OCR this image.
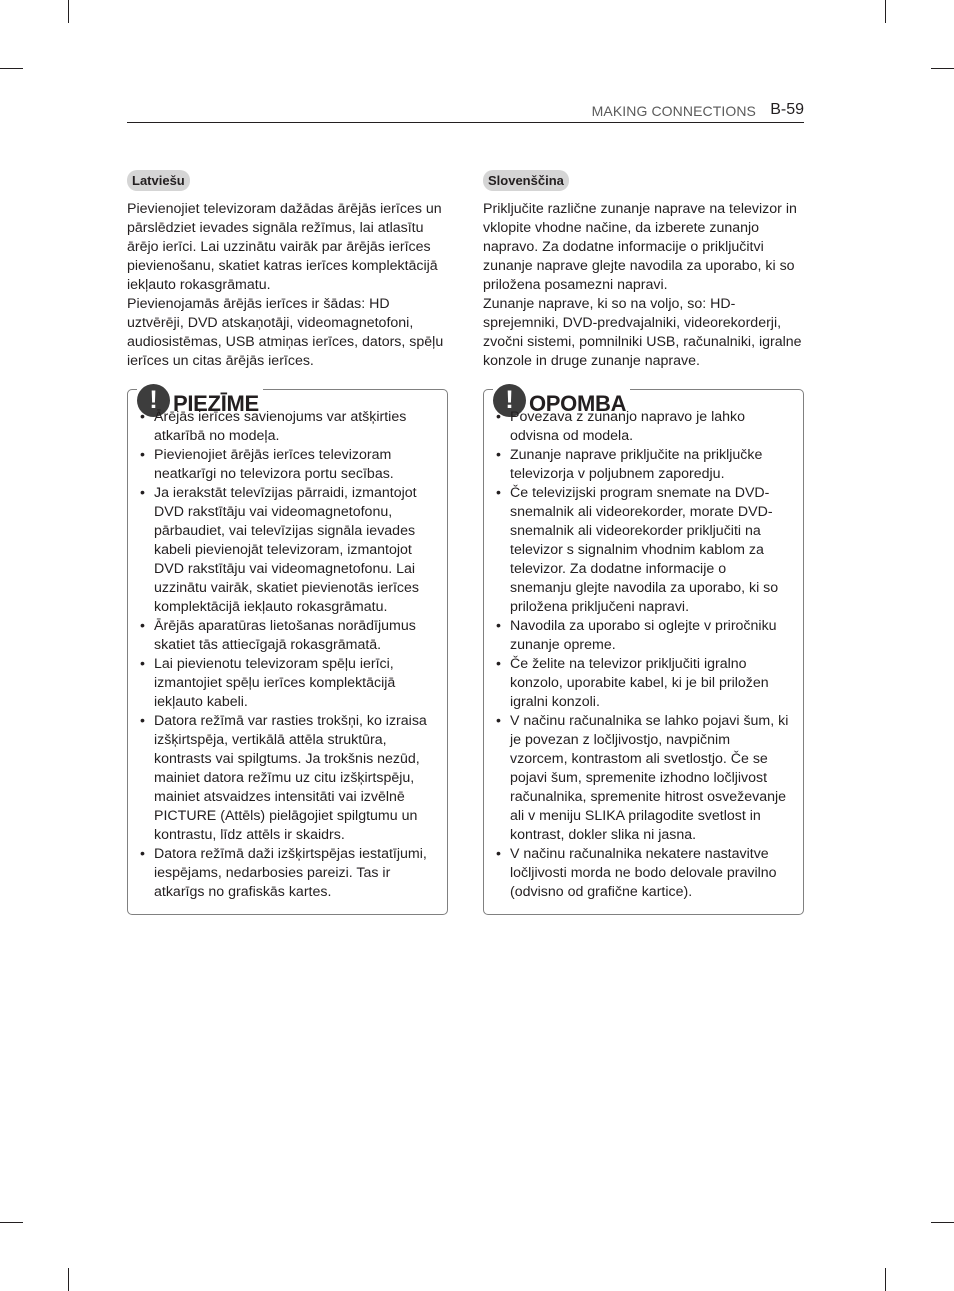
MAKING CONNECTIONS B-59
Latviešu

Pievienojiet televizoram dažādas ārējās ierīces un pārslēdziet ievades signāla režīmus, lai atlasītu ārējo ierīci. Lai uzzinātu vairāk par ārējās ierīces pievienošanu, skatiet katras ierīces komplektācijā iekļauto rokasgrāmatu.

Pievienojamās ārējās ierīces ir šādas: HD uztvērēji, DVD atskaņotāji, videomagnetofoni, audiosistēmas, USB atmiņas ierīces, dators, spēļu ierīces un citas ārējās ierīces.

! PIEZĪME
• Ārējās ierīces savienojums var atšķirties atkarībā no modeļa.
• Pievienojiet ārējās ierīces televizoram neatkarīgi no televizora portu secības.
• Ja ierakstāt televīzijas pārraidi, izmantojot DVD rakstītāju vai videomagnetofonu, pārbaudiet, vai televīzijas signāla ievades kabeli pievienojāt televizoram, izmantojot DVD rakstītāju vai videomagnetofonu. Lai uzzinātu vairāk, skatiet pievienotās ierīces komplektācijā iekļauto rokasgrāmatu.
• Ārējās aparatūras lietošanas norādījumus skatiet tās attiecīgajā rokasgrāmatā.
• Lai pievienotu televizoram spēļu ierīci, izmantojiet spēļu ierīces komplektācijā iekļauto kabeli.
• Datora režīmā var rasties trokšņi, ko izraisa izšķirtspēja, vertikālā attēla struktūra, kontrasts vai spilgtums. Ja trokšnis nezūd, mainiet datora režīmu uz citu izšķirtspēju, mainiet atsvaidzes intensitāti vai izvēlnē PICTURE (Attēls) pielāgojiet spilgtumu un kontrastu, līdz attēls ir skaidrs.
• Datora režīmā daži izšķirtspējas iestatījumi, iespējams, nedarbosies pareizi. Tas ir atkarīgs no grafiskās kartes.
Slovenščina

Priključite različne zunanje naprave na televizor in vklopite vhodne načine, da izberete zunanjo napravo. Za dodatne informacije o priključitvi zunanje naprave glejte navodila za uporabo, ki so priložena posamezni napravi.

Zunanje naprave, ki so na voljo, so: HD-sprejemniki, DVD-predvajalniki, videorekorderji, zvočni sistemi, pomnilniki USB, računalniki, igralne konzole in druge zunanje naprave.

! OPOMBA
• Povezava z zunanjo napravo je lahko odvisna od modela.
• Zunanje naprave priključite na priključke televizorja v poljubnem zaporedju.
• Če televizijski program snemate na DVD-snemalnik ali videorekorder, morate DVD-snemalnik ali videorekorder priključiti na televizor s signalnim vhodnim kablom za televizor. Za dodatne informacije o snemanju glejte navodila za uporabo, ki so priložena priključeni napravi.
• Navodila za uporabo si oglejte v priročniku zunanje opreme.
• Če želite na televizor priključiti igralno konzolo, uporabite kabel, ki je bil priložen igralni konzoli.
• V načinu računalnika se lahko pojavi šum, ki je povezan z ločljivostjo, navpičnim vzorcem, kontrastom ali svetlostjo. Če se pojavi šum, spremenite izhodno ločljivost računalnika, spremenite hitrost osveževanje ali v meniju SLIKA prilagodite svetlost in kontrast, dokler slika ni jasna.
• V načinu računalnika nekatere nastavitve ločljivosti morda ne bodo delovale pravilno (odvisno od grafične kartice).
